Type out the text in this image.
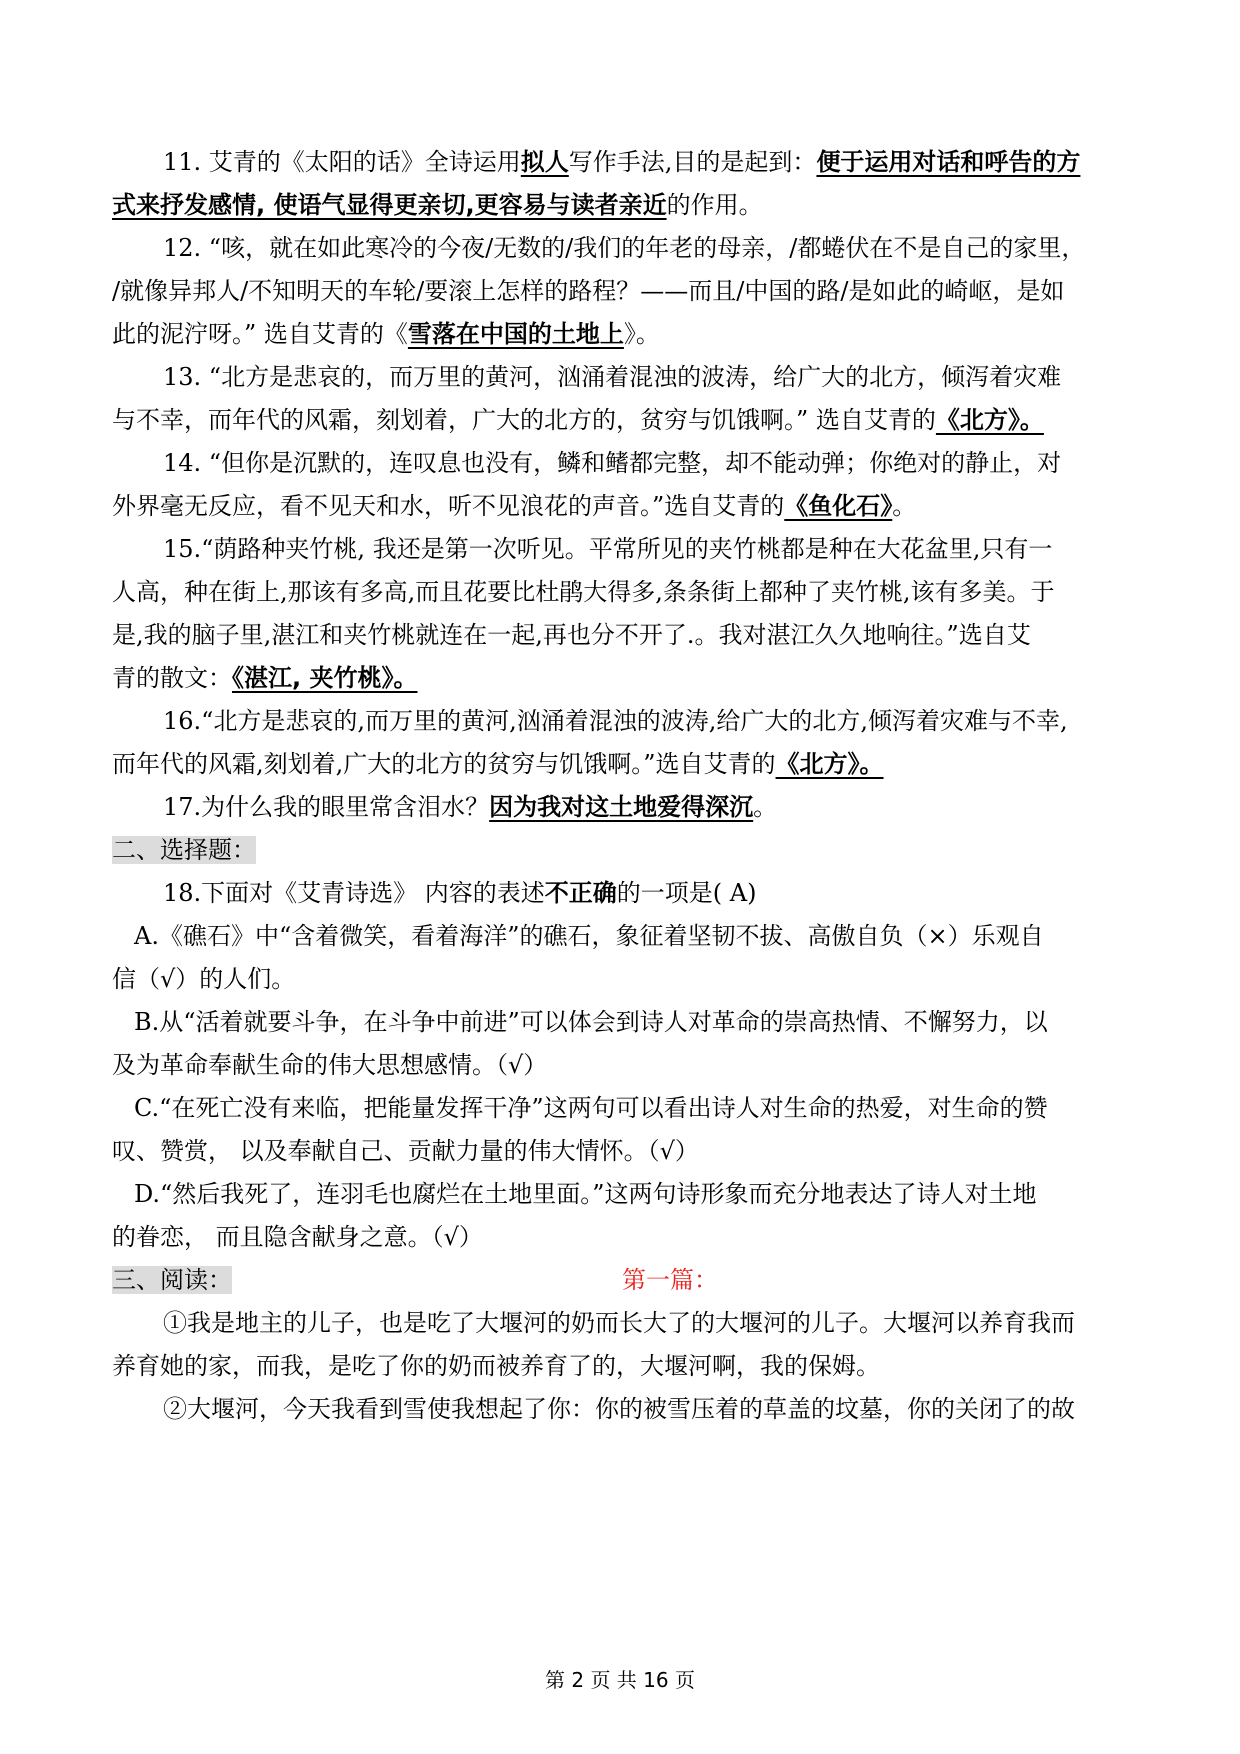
11. 艾青的《太阳的话》全诗运用拟人写作手法,目的是起到：便于运用对话和呼告的方
式来抒发感情, 使语气显得更亲切,更容易与读者亲近的作用。
12. “咳，就在如此寒冷的今夜/无数的/我们的年老的母亲，/都蜷伏在不是自己的家里，
/就像异邦人/不知明天的车轮/要滚上怎样的路程？——而且/中国的路/是如此的崎岖，是如
此的泥泞呀。” 选自艾青的《雪落在中国的土地上》。
13. “北方是悲哀的，而万里的黄河，汹涌着混浊的波涛，给广大的北方，倾泻着灾难
与不幸，而年代的风霜，刻划着，广大的北方的，贫穷与饥饿啊。” 选自艾青的《北方》。
14. “但你是沉默的，连叹息也没有，鳞和鳍都完整，却不能动弹；你绝对的静止，对
外界毫无反应，看不见天和水，听不见浪花的声音。”选自艾青的《鱼化石》。
15.“荫路种夹竹桃, 我还是第一次听见。平常所见的夹竹桃都是种在大花盆里,只有一
人高，种在街上,那该有多高,而且花要比杜鹃大得多,条条街上都种了夹竹桃,该有多美。于
是,我的脑子里,湛江和夹竹桃就连在一起,再也分不开了.。我对湛江久久地响往。”选自艾
青的散文：《湛江, 夹竹桃》。
16.“北方是悲哀的,而万里的黄河,汹涌着混浊的波涛,给广大的北方,倾泻着灾难与不幸,
而年代的风霜,刻划着,广大的北方的贫穷与饥饿啊。”选自艾青的《北方》。
17.为什么我的眼里常含泪水？因为我对这土地爱得深沉。
二、选择题：
18.下面对《艾青诗选》 内容的表述不正确的一项是( A)
A.《礁石》中“含着微笑，看着海洋”的礁石，象征着坚韧不拔、高傲自负（×）乐观自
信（√）的人们。
B.从“活着就要斗争，在斗争中前进”可以体会到诗人对革命的崇高热情、不懈努力，以
及为革命奉献生命的伟大思想感情。（√）
C.“在死亡没有来临，把能量发挥干净”这两句可以看出诗人对生命的热爱，对生命的赞
叹、赞赏， 以及奉献自己、贡献力量的伟大情怀。（√）
D.“然后我死了，连羽毛也腐烂在土地里面。”这两句诗形象而充分地表达了诗人对土地
的眷恋， 而且隐含献身之意。（√）
三、阅读：	第一篇：
①我是地主的儿子，也是吃了大堰河的奶而长大了的大堰河的儿子。大堰河以养育我而
养育她的家，而我，是吃了你的奶而被养育了的，大堰河啊，我的保姆。
②大堰河，今天我看到雪使我想起了你：你的被雪压着的草盖的坟墓，你的关闭了的故
第 2 页 共 16 页
